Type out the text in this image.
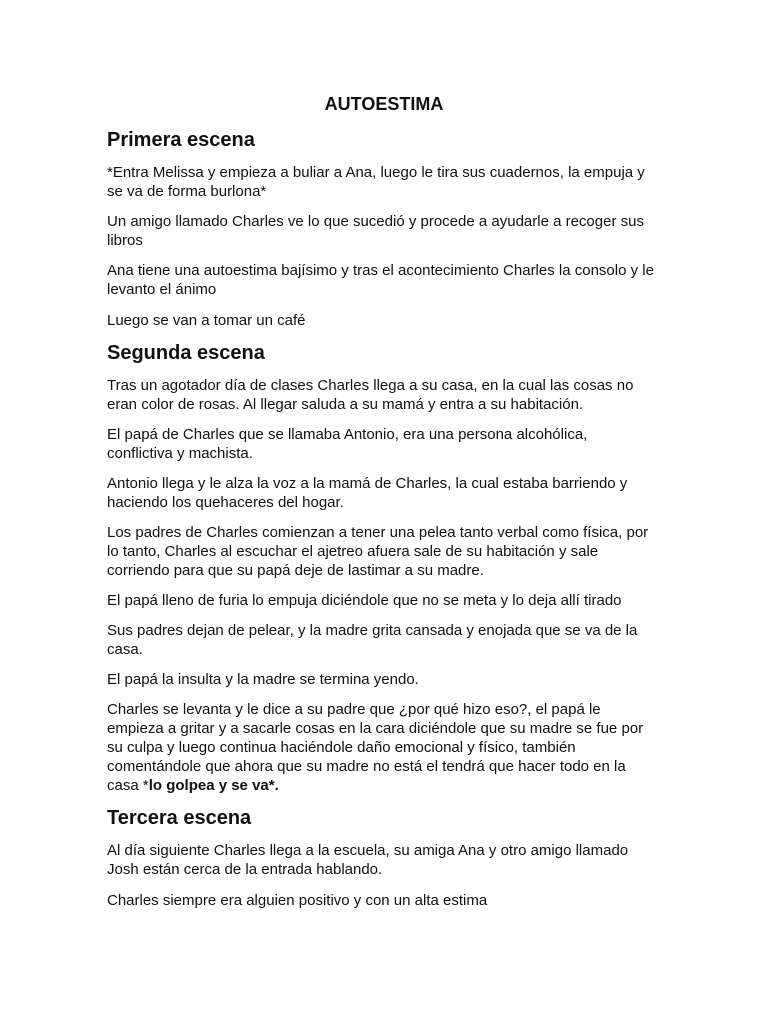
AUTOESTIMA
Primera escena

*Entra Melissa y empieza a buliar a Ana, luego le tira sus cuadernos, la empuja y se va de forma burlona*

Un amigo llamado Charles ve lo que sucedió y procede a ayudarle a recoger sus libros

Ana tiene una autoestima bajísimo y tras el acontecimiento Charles la consolo y le levanto el ánimo

Luego se van a tomar un café

Segunda escena

Tras un agotador día de clases Charles llega a su casa, en la cual las cosas no eran color de rosas. Al llegar saluda a su mamá y entra a su habitación.

El papá de Charles que se llamaba Antonio, era una persona alcohólica, conflictiva y machista.

Antonio llega y le alza la voz a la mamá de Charles, la cual estaba barriendo y haciendo los quehaceres del hogar.

Los padres de Charles comienzan a tener una pelea tanto verbal como física, por lo tanto, Charles al escuchar el ajetreo afuera sale de su habitación y sale corriendo para que su papá deje de lastimar a su madre.

El papá lleno de furia lo empuja diciéndole que no se meta y lo deja allí tirado

Sus padres dejan de pelear, y la madre grita cansada y enojada que se va de la casa.

El papá la insulta y la madre se termina yendo.

Charles se levanta y le dice a su padre que ¿por qué hizo eso?, el papá le empieza a gritar y a sacarle cosas en la cara diciéndole que su madre se fue por su culpa y luego continua haciéndole daño emocional y físico, también comentándole que ahora que su madre no está el tendrá que hacer todo en la casa *lo golpea y se va*.

Tercera escena

Al día siguiente Charles llega a la escuela, su amiga Ana y otro amigo llamado Josh están cerca de la entrada hablando.

Charles siempre era alguien positivo y con un alta estima
